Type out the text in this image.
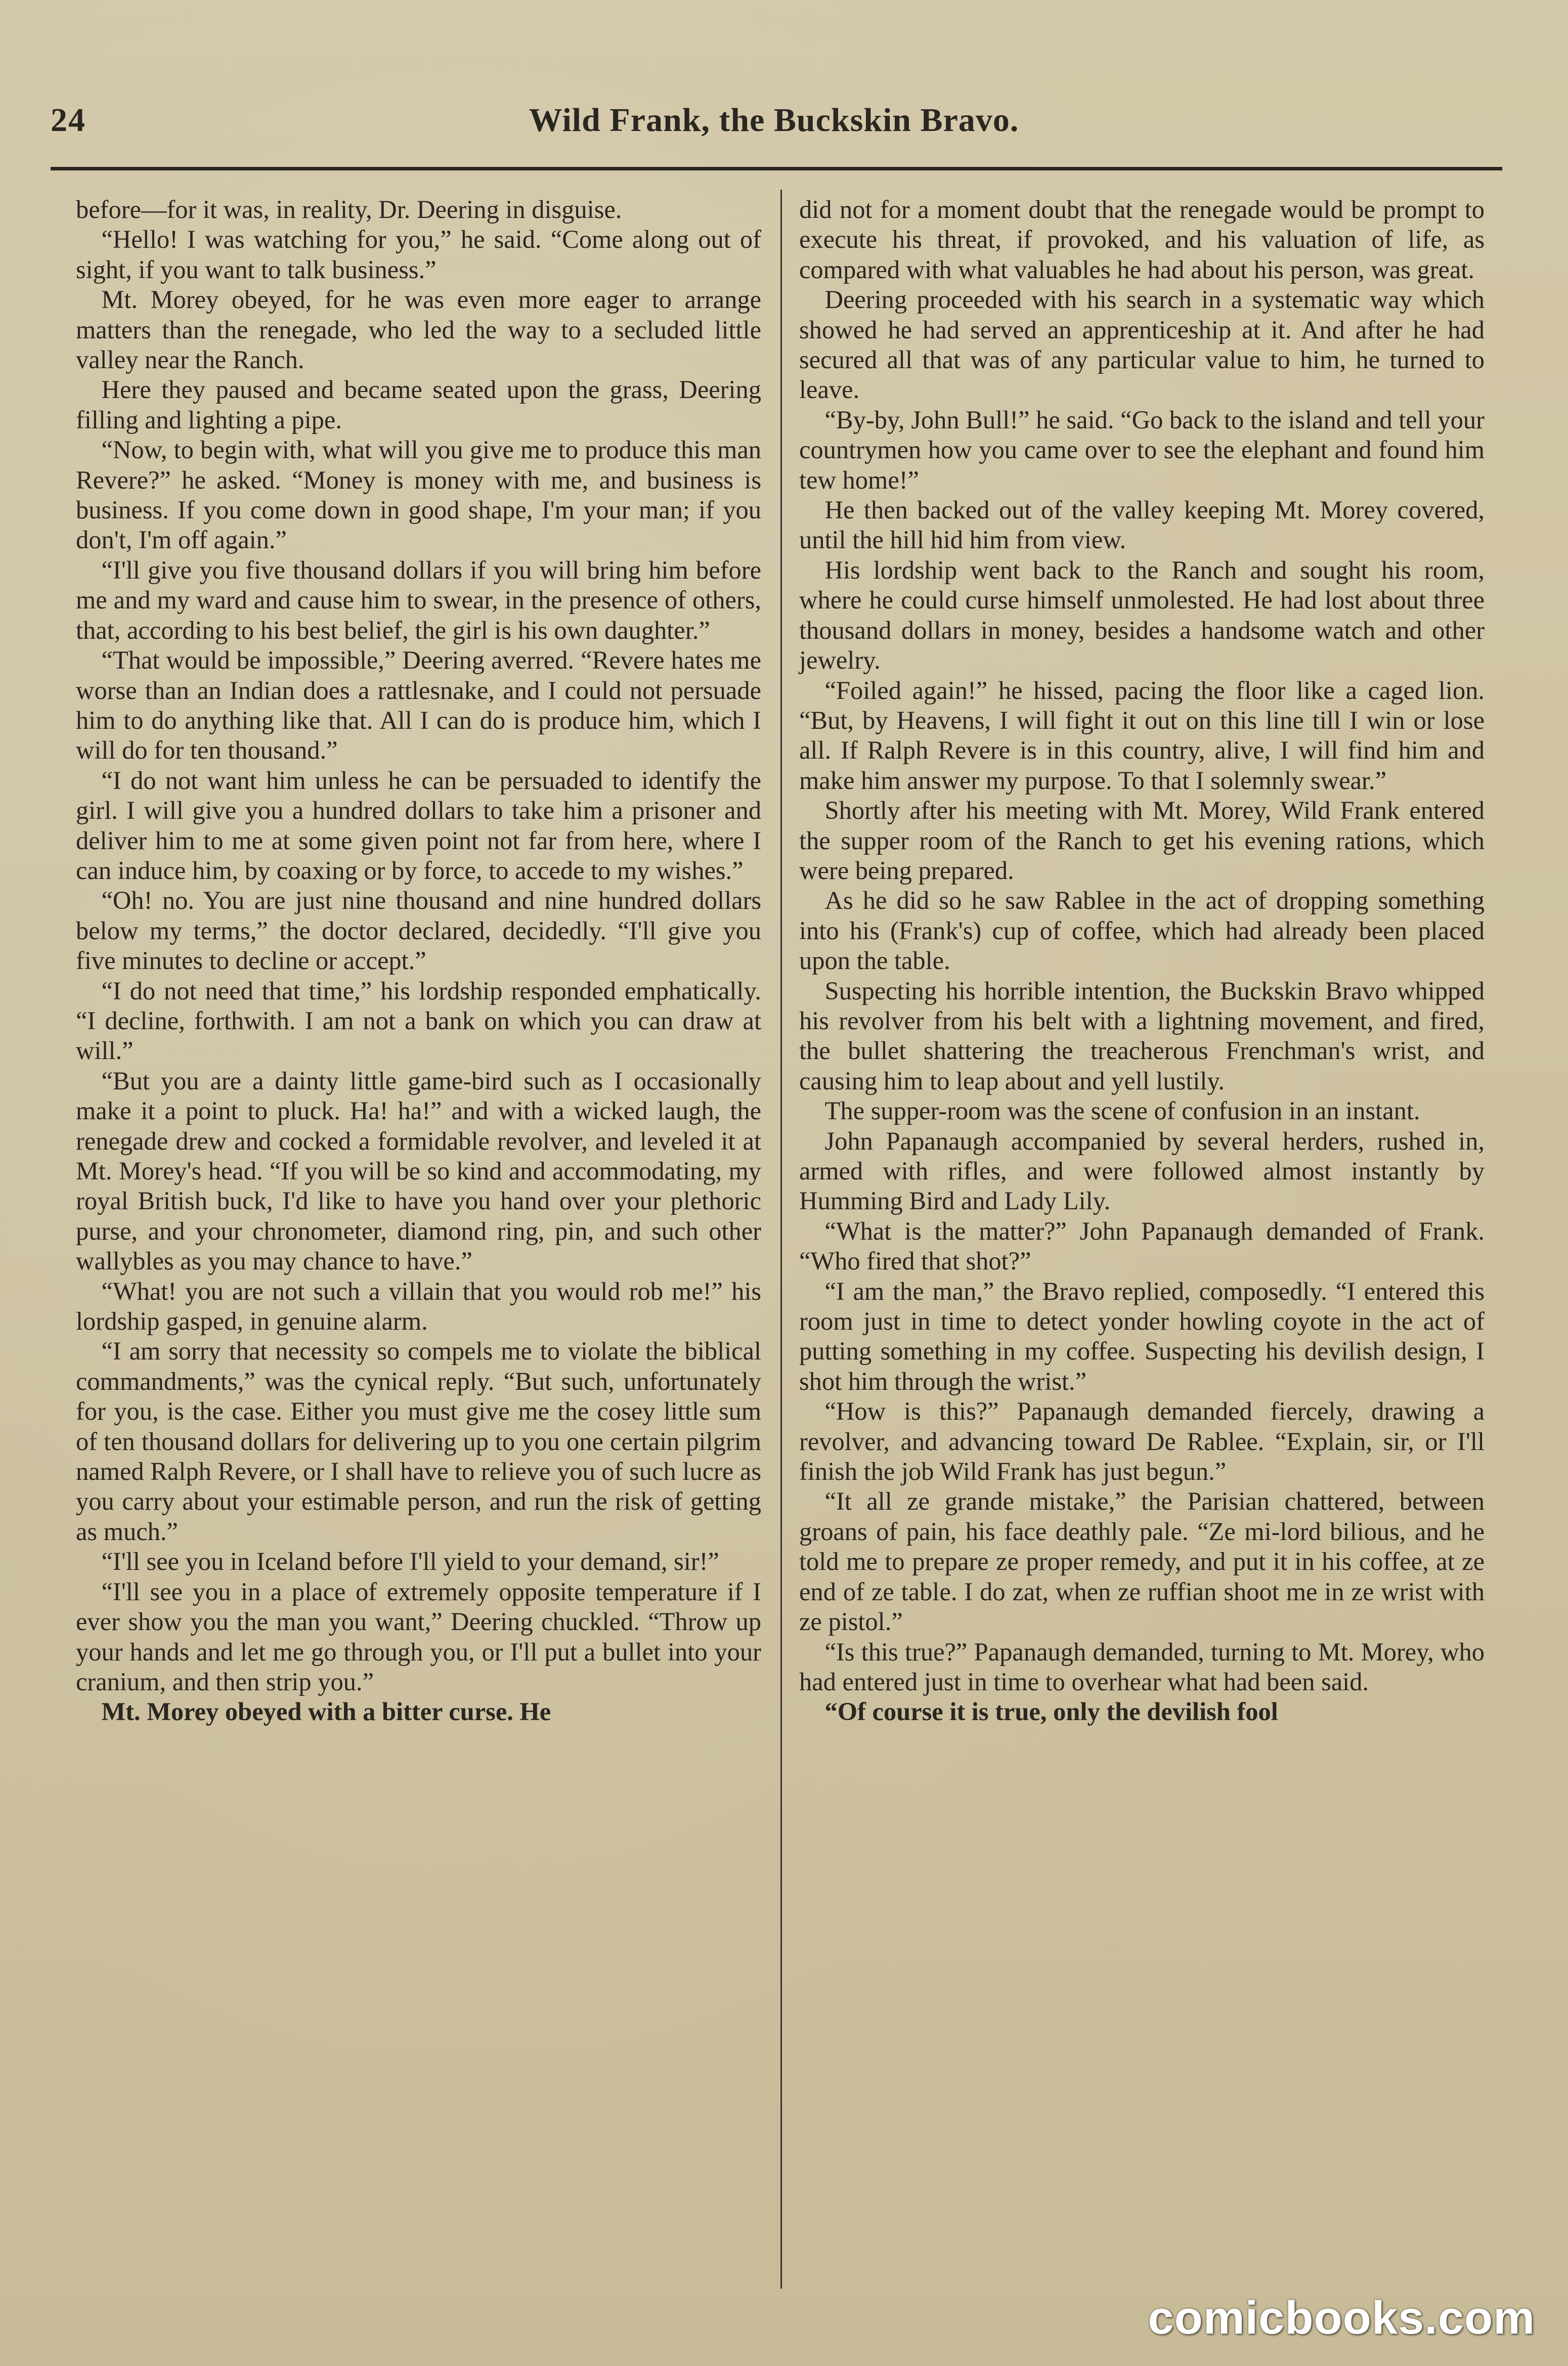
24	Wild Frank, the Buckskin Bravo.

before—for it was, in reality, Dr. Deering in disguise.

“Hello! I was watching for you,” he said. “Come along out of sight, if you want to talk business.”

Mt. Morey obeyed, for he was even more eager to arrange matters than the renegade, who led the way to a secluded little valley near the Ranch.

Here they paused and became seated upon the grass, Deering filling and lighting a pipe.

“Now, to begin with, what will you give me to produce this man Revere?” he asked. “Money is money with me, and business is business. If you come down in good shape, I'm your man; if you don't, I'm off again.”

“I'll give you five thousand dollars if you will bring him before me and my ward and cause him to swear, in the presence of others, that, according to his best belief, the girl is his own daughter.”

“That would be impossible,” Deering averred. “Revere hates me worse than an Indian does a rattlesnake, and I could not persuade him to do anything like that. All I can do is produce him, which I will do for ten thousand.”

“I do not want him unless he can be persuaded to identify the girl. I will give you a hundred dollars to take him a prisoner and deliver him to me at some given point not far from here, where I can induce him, by coaxing or by force, to accede to my wishes.”

“Oh! no. You are just nine thousand and nine hundred dollars below my terms,” the doctor declared, decidedly. “I'll give you five minutes to decline or accept.”

“I do not need that time,” his lordship responded emphatically. “I decline, forthwith. I am not a bank on which you can draw at will.”

“But you are a dainty little game-bird such as I occasionally make it a point to pluck. Ha! ha!” and with a wicked laugh, the renegade drew and cocked a formidable revolver, and leveled it at Mt. Morey's head. “If you will be so kind and accommodating, my royal British buck, I'd like to have you hand over your plethoric purse, and your chronometer, diamond ring, pin, and such other wallybles as you may chance to have.”

“What! you are not such a villain that you would rob me!” his lordship gasped, in genuine alarm.

“I am sorry that necessity so compels me to violate the biblical commandments,” was the cynical reply. “But such, unfortunately for you, is the case. Either you must give me the cosey little sum of ten thousand dollars for delivering up to you one certain pilgrim named Ralph Revere, or I shall have to relieve you of such lucre as you carry about your estimable person, and run the risk of getting as much.”

“I'll see you in Iceland before I'll yield to your demand, sir!”

“I'll see you in a place of extremely opposite temperature if I ever show you the man you want,” Deering chuckled. “Throw up your hands and let me go through you, or I'll put a bullet into your cranium, and then strip you.”

Mt. Morey obeyed with a bitter curse. He

did not for a moment doubt that the renegade would be prompt to execute his threat, if provoked, and his valuation of life, as compared with what valuables he had about his person, was great.

Deering proceeded with his search in a systematic way which showed he had served an apprenticeship at it. And after he had secured all that was of any particular value to him, he turned to leave.

“By-by, John Bull!” he said. “Go back to the island and tell your countrymen how you came over to see the elephant and found him tew home!”

He then backed out of the valley keeping Mt. Morey covered, until the hill hid him from view.

His lordship went back to the Ranch and sought his room, where he could curse himself unmolested. He had lost about three thousand dollars in money, besides a handsome watch and other jewelry.

“Foiled again!” he hissed, pacing the floor like a caged lion. “But, by Heavens, I will fight it out on this line till I win or lose all. If Ralph Revere is in this country, alive, I will find him and make him answer my purpose. To that I solemnly swear.”

Shortly after his meeting with Mt. Morey, Wild Frank entered the supper room of the Ranch to get his evening rations, which were being prepared.

As he did so he saw Rablee in the act of dropping something into his (Frank's) cup of coffee, which had already been placed upon the table.

Suspecting his horrible intention, the Buckskin Bravo whipped his revolver from his belt with a lightning movement, and fired, the bullet shattering the treacherous Frenchman's wrist, and causing him to leap about and yell lustily.

The supper-room was the scene of confusion in an instant.

John Papanaugh accompanied by several herders, rushed in, armed with rifles, and were followed almost instantly by Humming Bird and Lady Lily.

“What is the matter?” John Papanaugh demanded of Frank. “Who fired that shot?”

“I am the man,” the Bravo replied, composedly. “I entered this room just in time to detect yonder howling coyote in the act of putting something in my coffee. Suspecting his devilish design, I shot him through the wrist.”

“How is this?” Papanaugh demanded fiercely, drawing a revolver, and advancing toward De Rablee. “Explain, sir, or I'll finish the job Wild Frank has just begun.”

“It all ze grande mistake,” the Parisian chattered, between groans of pain, his face deathly pale. “Ze mi-lord bilious, and he told me to prepare ze proper remedy, and put it in his coffee, at ze end of ze table. I do zat, when ze ruffian shoot me in ze wrist with ze pistol.”

“Is this true?” Papanaugh demanded, turning to Mt. Morey, who had entered just in time to overhear what had been said.

“Of course it is true, only the devilish fool

comicbooks.com
